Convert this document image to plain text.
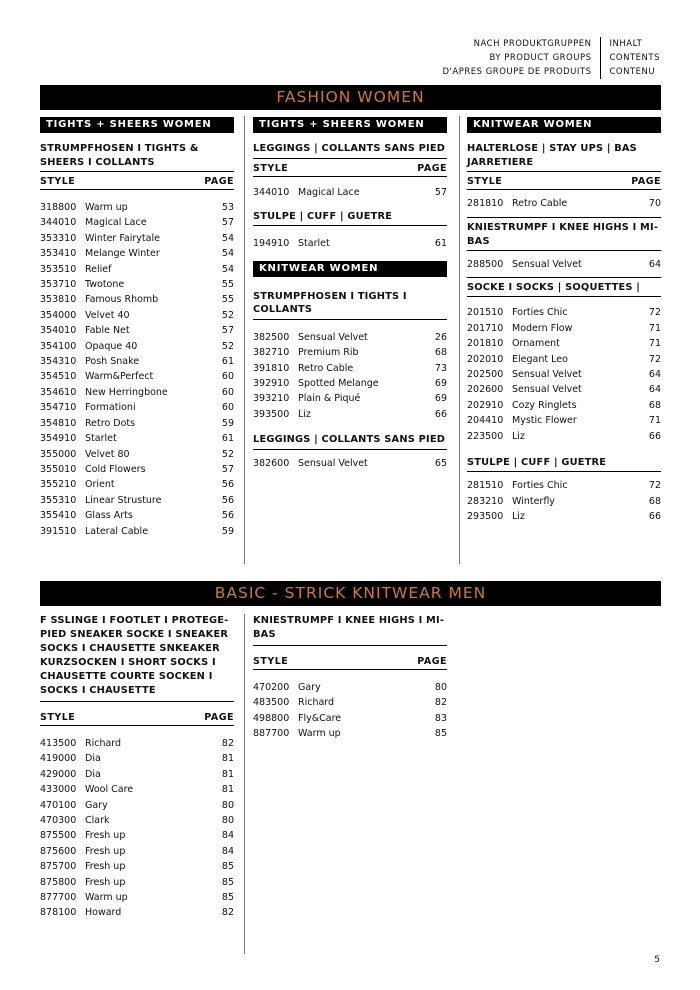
NACH PRODUKTGRUPPEN
BY PRODUCT GROUPS
D'APRES GROUPE DE PRODUITS
INHALT
CONTENTS
CONTENU
FASHION WOMEN
TIGHTS + SHEERS WOMEN
STRUMPFHOSEN I TIGHTS & SHEERS I COLLANTS
STYLE	PAGE
318800 Warm up	53
344010 Magical Lace	57
353310 Winter Fairytale	54
353410 Melange Winter	54
353510 Relief	54
353710 Twotone	55
353810 Famous Rhomb	55
354000 Velvet 40	52
354010 Fable Net	57
354100 Opaque 40	52
354310 Posh Snake	61
354510 Warm&Perfect	60
354610 New Herringbone	60
354710 Formationi	60
354810 Retro Dots	59
354910 Starlet	61
355000 Velvet 80	52
355010 Cold Flowers	57
355210 Orient	56
355310 Linear Strusture	56
355410 Glass Arts	56
391510 Lateral Cable	59
TIGHTS + SHEERS WOMEN
LEGGINGS | COLLANTS SANS PIED
STYLE	PAGE
344010 Magical Lace	57
STULPE | CUFF | GUETRE
194910 Starlet	61
KNITWEAR WOMEN
STRUMPFHOSEN I TIGHTS I COLLANTS
382500 Sensual Velvet	26
382710 Premium Rib	68
391810 Retro Cable	73
392910 Spotted Melange	69
393210 Plain & Piqué	69
393500 Liz	66
LEGGINGS | COLLANTS SANS PIED
382600 Sensual Velvet	65
KNITWEAR WOMEN
HALTERLOSE | STAY UPS | BAS JARRETIERE
STYLE	PAGE
281810 Retro Cable	70
KNIESTRUMPF I KNEE HIGHS I MI-BAS
288500 Sensual Velvet	64
SOCKE I SOCKS | SOQUETTES |
201510 Forties Chic	72
201710 Modern Flow	71
201810 Ornament	71
202010 Elegant Leo	72
202500 Sensual Velvet	64
202600 Sensual Velvet	64
202910 Cozy Ringlets	68
204410 Mystic Flower	71
223500 Liz	66
STULPE | CUFF | GUETRE
281510 Forties Chic	72
283210 Winterfly	68
293500 Liz	66
BASIC - STRICK KNITWEAR MEN
F SSLINGE I FOOTLET I PROTEGE-PIED SNEAKER SOCKE I SNEAKER SOCKS I CHAUSETTE SNKEAKER KURZSOCKEN I SHORT SOCKS I CHAUSETTE COURTE SOCKEN I SOCKS I CHAUSETTE
STYLE	PAGE
413500 Richard	82
419000 Dia	81
429000 Dia	81
433000 Wool Care	81
470100 Gary	80
470300 Clark	80
875500 Fresh up	84
875600 Fresh up	84
875700 Fresh up	85
875800 Fresh up	85
877700 Warm up	85
878100 Howard	82
KNIESTRUMPF I KNEE HIGHS I MI-BAS
STYLE	PAGE
470200 Gary	80
483500 Richard	82
498800 Fly&Care	83
887700 Warm up	85
5
